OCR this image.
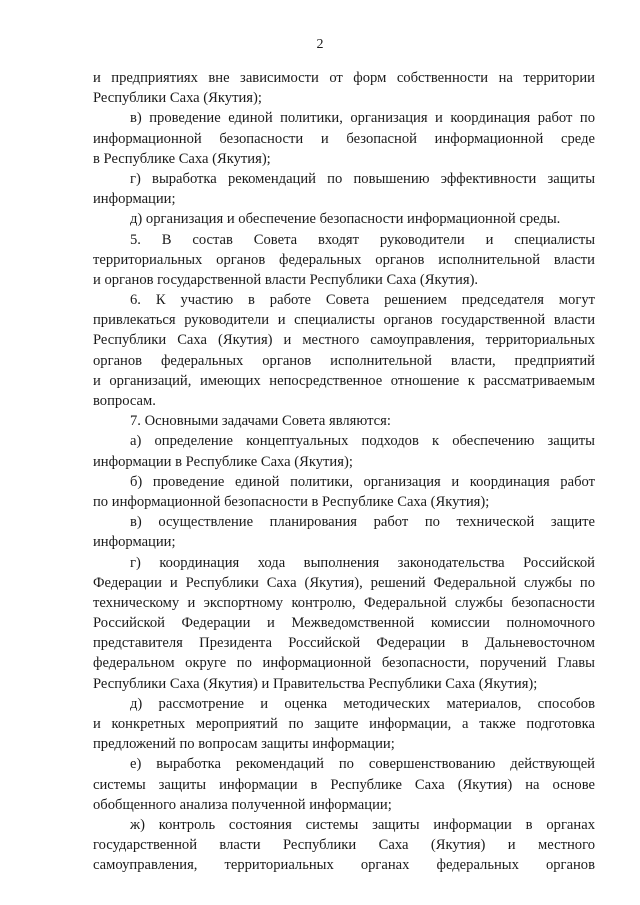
2
и предприятиях вне зависимости от форм собственности на территории
Республики Саха (Якутия);
в) проведение единой политики, организация и координация работ по
информационной безопасности и безопасной информационной среде
в Республике Саха (Якутия);
г) выработка рекомендаций по повышению эффективности защиты
информации;
д) организация и обеспечение безопасности информационной среды.
5. В состав Совета входят руководители и специалисты
территориальных органов федеральных органов исполнительной власти
и органов государственной власти Республики Саха (Якутия).
6. К участию в работе Совета решением председателя могут
привлекаться руководители и специалисты органов государственной власти
Республики Саха (Якутия) и местного самоуправления, территориальных
органов федеральных органов исполнительной власти, предприятий
и организаций, имеющих непосредственное отношение к рассматриваемым
вопросам.
7. Основными задачами Совета являются:
а) определение концептуальных подходов к обеспечению защиты
информации в Республике Саха (Якутия);
б) проведение единой политики, организация и координация работ
по информационной безопасности в Республике Саха (Якутия);
в) осуществление планирования работ по технической защите
информации;
г) координация хода выполнения законодательства Российской
Федерации и Республики Саха (Якутия), решений Федеральной службы по
техническому и экспортному контролю, Федеральной службы безопасности
Российской Федерации и Межведомственной комиссии полномочного
представителя Президента Российской Федерации в Дальневосточном
федеральном округе по информационной безопасности, поручений Главы
Республики Саха (Якутия) и Правительства Республики Саха (Якутия);
д) рассмотрение и оценка методических материалов, способов
и конкретных мероприятий по защите информации, а также подготовка
предложений по вопросам защиты информации;
е) выработка рекомендаций по совершенствованию действующей
системы защиты информации в Республике Саха (Якутия) на основе
обобщенного анализа полученной информации;
ж) контроль состояния системы защиты информации в органах
государственной власти Республики Саха (Якутия) и местного
самоуправления, территориальных органах федеральных органов
